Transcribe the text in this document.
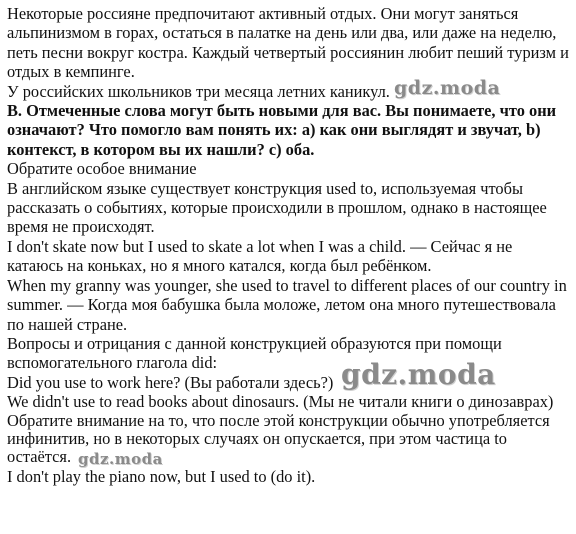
Некоторые россияне предпочитают активный отдых. Они могут заняться альпинизмом в горах, остаться в палатке на день или два, или даже на неделю, петь песни вокруг костра. Каждый четвертый россиянин любит пеший туризм и отдых в кемпинге.

У российских школьников три месяца летних каникул.

B. Отмеченные слова могут быть новыми для вас. Вы понимаете, что они означают? Что помогло вам понять их: a) как они выглядят и звучат, b) контекст, в котором вы их нашли? c) оба.

Обратите особое внимание

В английском языке существует конструкция used to, используемая чтобы рассказать о событиях, которые происходили в прошлом, однако в настоящее время не происходят.

I don't skate now but I used to skate a lot when I was a child. — Сейчас я не катаюсь на коньках, но я много катался, когда был ребёнком.

When my granny was younger, she used to travel to different places of our country in summer. — Когда моя бабушка была моложе, летом она много путешествовала по нашей стране.

Вопросы и отрицания с данной конструкцией образуются при помощи вспомогательного глагола did:

Did you use to work here? (Вы работали здесь?)

We didn't use to read books about dinosaurs. (Мы не читали книги о динозаврах)

Обратите внимание на то, что после этой конструкции обычно употребляется инфинитив, но в некоторых случаях он опускается, при этом частица to остаётся.

I don't play the piano now, but I used to (do it).

gdz.moda
gdz.moda
gdz.moda
